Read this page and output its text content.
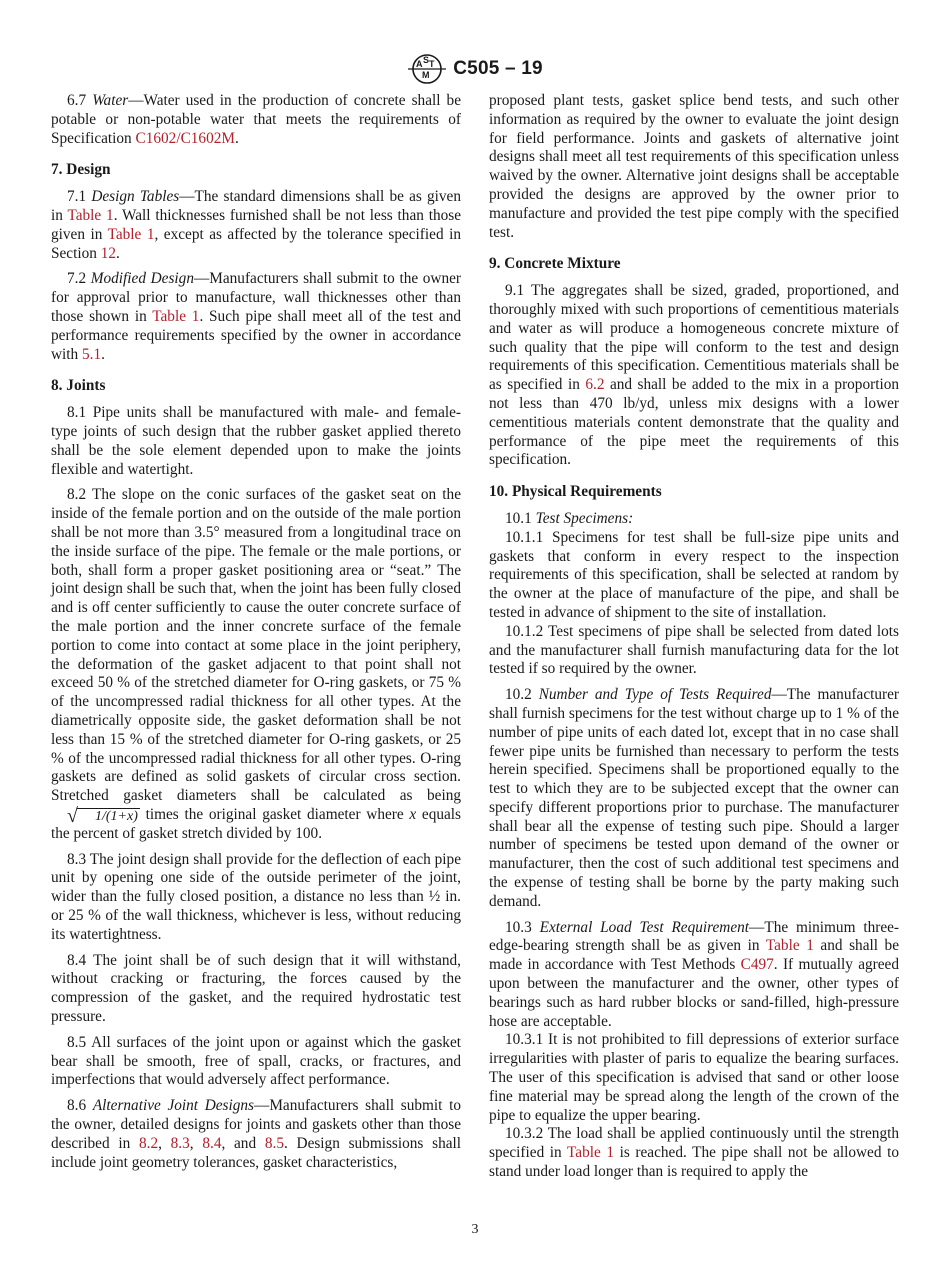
A S T
M C505 – 19

6.7 Water—Water used in the production of concrete shall be potable or non-potable water that meets the requirements of Specification C1602/C1602M.

7. Design

7.1 Design Tables—The standard dimensions shall be as given in Table 1. Wall thicknesses furnished shall be not less than those given in Table 1, except as affected by the tolerance specified in Section 12.

7.2 Modified Design—Manufacturers shall submit to the owner for approval prior to manufacture, wall thicknesses other than those shown in Table 1. Such pipe shall meet all of the test and performance requirements specified by the owner in accordance with 5.1.

8. Joints

8.1 Pipe units shall be manufactured with male- and female-type joints of such design that the rubber gasket applied thereto shall be the sole element depended upon to make the joints flexible and watertight.

8.2 The slope on the conic surfaces of the gasket seat on the inside of the female portion and on the outside of the male portion shall be not more than 3.5° measured from a longitudinal trace on the inside surface of the pipe. The female or the male portions, or both, shall form a proper gasket positioning area or “seat.” The joint design shall be such that, when the joint has been fully closed and is off center sufficiently to cause the outer concrete surface of the male portion and the inner concrete surface of the female portion to come into contact at some place in the joint periphery, the deformation of the gasket adjacent to that point shall not exceed 50 % of the stretched diameter for O-ring gaskets, or 75 % of the uncompressed radial thickness for all other types. At the diametrically opposite side, the gasket deformation shall be not less than 15 % of the stretched diameter for O-ring gaskets, or 25 % of the uncompressed radial thickness for all other types. O-ring gaskets are defined as solid gaskets of circular cross section. Stretched gasket diameters shall be calculated as being
√	1/(1+x) times the original gasket diameter where x equals the percent of gasket stretch divided by 100.

8.3 The joint design shall provide for the deflection of each pipe unit by opening one side of the outside perimeter of the joint, wider than the fully closed position, a distance no less than ½ in. or 25 % of the wall thickness, whichever is less, without reducing its watertightness.

8.4 The joint shall be of such design that it will withstand, without cracking or fracturing, the forces caused by the compression of the gasket, and the required hydrostatic test pressure.

8.5 All surfaces of the joint upon or against which the gasket bear shall be smooth, free of spall, cracks, or fractures, and imperfections that would adversely affect performance.

8.6 Alternative Joint Designs—Manufacturers shall submit to the owner, detailed designs for joints and gaskets other than those described in 8.2, 8.3, 8.4, and 8.5. Design submissions shall include joint geometry tolerances, gasket characteristics,

proposed plant tests, gasket splice bend tests, and such other information as required by the owner to evaluate the joint design for field performance. Joints and gaskets of alternative joint designs shall meet all test requirements of this specification unless waived by the owner. Alternative joint designs shall be acceptable provided the designs are approved by the owner prior to manufacture and provided the test pipe comply with the specified test.

9. Concrete Mixture

9.1 The aggregates shall be sized, graded, proportioned, and thoroughly mixed with such proportions of cementitious materials and water as will produce a homogeneous concrete mixture of such quality that the pipe will conform to the test and design requirements of this specification. Cementitious materials shall be as specified in 6.2 and shall be added to the mix in a proportion not less than 470 lb/yd, unless mix designs with a lower cementitious materials content demonstrate that the quality and performance of the pipe meet the requirements of this specification.

10. Physical Requirements

10.1 Test Specimens:

10.1.1 Specimens for test shall be full-size pipe units and gaskets that conform in every respect to the inspection requirements of this specification, shall be selected at random by the owner at the place of manufacture of the pipe, and shall be tested in advance of shipment to the site of installation.

10.1.2 Test specimens of pipe shall be selected from dated lots and the manufacturer shall furnish manufacturing data for the lot tested if so required by the owner.

10.2 Number and Type of Tests Required—The manufacturer shall furnish specimens for the test without charge up to 1 % of the number of pipe units of each dated lot, except that in no case shall fewer pipe units be furnished than necessary to perform the tests herein specified. Specimens shall be proportioned equally to the test to which they are to be subjected except that the owner can specify different proportions prior to purchase. The manufacturer shall bear all the expense of testing such pipe. Should a larger number of specimens be tested upon demand of the owner or manufacturer, then the cost of such additional test specimens and the expense of testing shall be borne by the party making such demand.

10.3 External Load Test Requirement—The minimum three-edge-bearing strength shall be as given in Table 1 and shall be made in accordance with Test Methods C497. If mutually agreed upon between the manufacturer and the owner, other types of bearings such as hard rubber blocks or sand-filled, high-pressure hose are acceptable.

10.3.1 It is not prohibited to fill depressions of exterior surface irregularities with plaster of paris to equalize the bearing surfaces. The user of this specification is advised that sand or other loose fine material may be spread along the length of the crown of the pipe to equalize the upper bearing.

10.3.2 The load shall be applied continuously until the strength specified in Table 1 is reached. The pipe shall not be allowed to stand under load longer than is required to apply the

3
